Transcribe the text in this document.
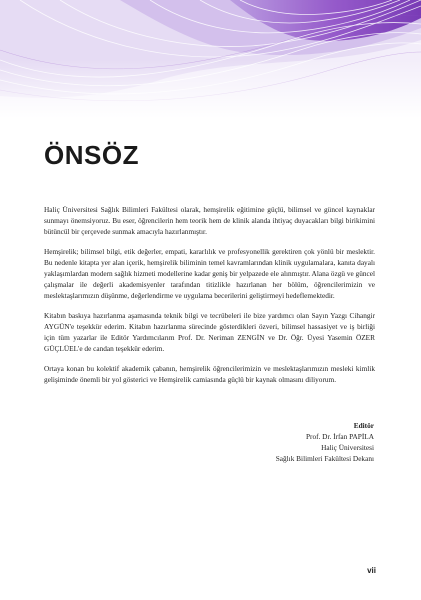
ÖNSÖZ

Haliç Üniversitesi Sağlık Bilimleri Fakültesi olarak, hemşirelik eğitimine güçlü, bilimsel ve güncel kaynaklar sunmayı önemsiyoruz. Bu eser, öğrencilerin hem teorik hem de klinik alanda ihtiyaç duyacakları bilgi birikimini bütüncül bir çerçevede sunmak amacıyla hazırlanmıştır.

Hemşirelik; bilimsel bilgi, etik değerler, empati, kararlılık ve profesyonellik gerektiren çok yönlü bir meslektir. Bu nedenle kitapta yer alan içerik, hemşirelik biliminin temel kavramlarından klinik uygulamalara, kanıta dayalı yaklaşımlardan modern sağlık hizmeti modellerine kadar geniş bir yelpazede ele alınmıştır. Alana özgü ve güncel çalışmalar ile değerli akademisyenler tarafından titizlikle hazırlanan her bölüm, öğrencilerimizin ve meslektaşlarımızın düşünme, değerlendirme ve uygulama becerilerini geliştirmeyi hedeflemektedir.

Kitabın baskıya hazırlanma aşamasında teknik bilgi ve tecrübeleri ile bize yardımcı olan Sayın Yazgı Cihangir AYGÜN'e teşekkür ederim. Kitabın hazırlanma sürecinde gösterdikleri özveri, bilimsel hassasiyet ve iş birliği için tüm yazarlar ile Editör Yardımcılarım Prof. Dr. Neriman ZENGİN ve Dr. Öğr. Üyesi Yasemin ÖZER GÜÇLÜEL'e de candan teşekkür ederim.

Ortaya konan bu kolektif akademik çabanın, hemşirelik öğrencilerimizin ve meslektaşlarımızın mesleki kimlik gelişiminde önemli bir yol gösterici ve Hemşirelik camiasında güçlü bir kaynak olmasını diliyorum.

Editör
Prof. Dr. İrfan PAPİLA
Haliç Üniversitesi
Sağlık Bilimleri Fakültesi Dekanı
vii
